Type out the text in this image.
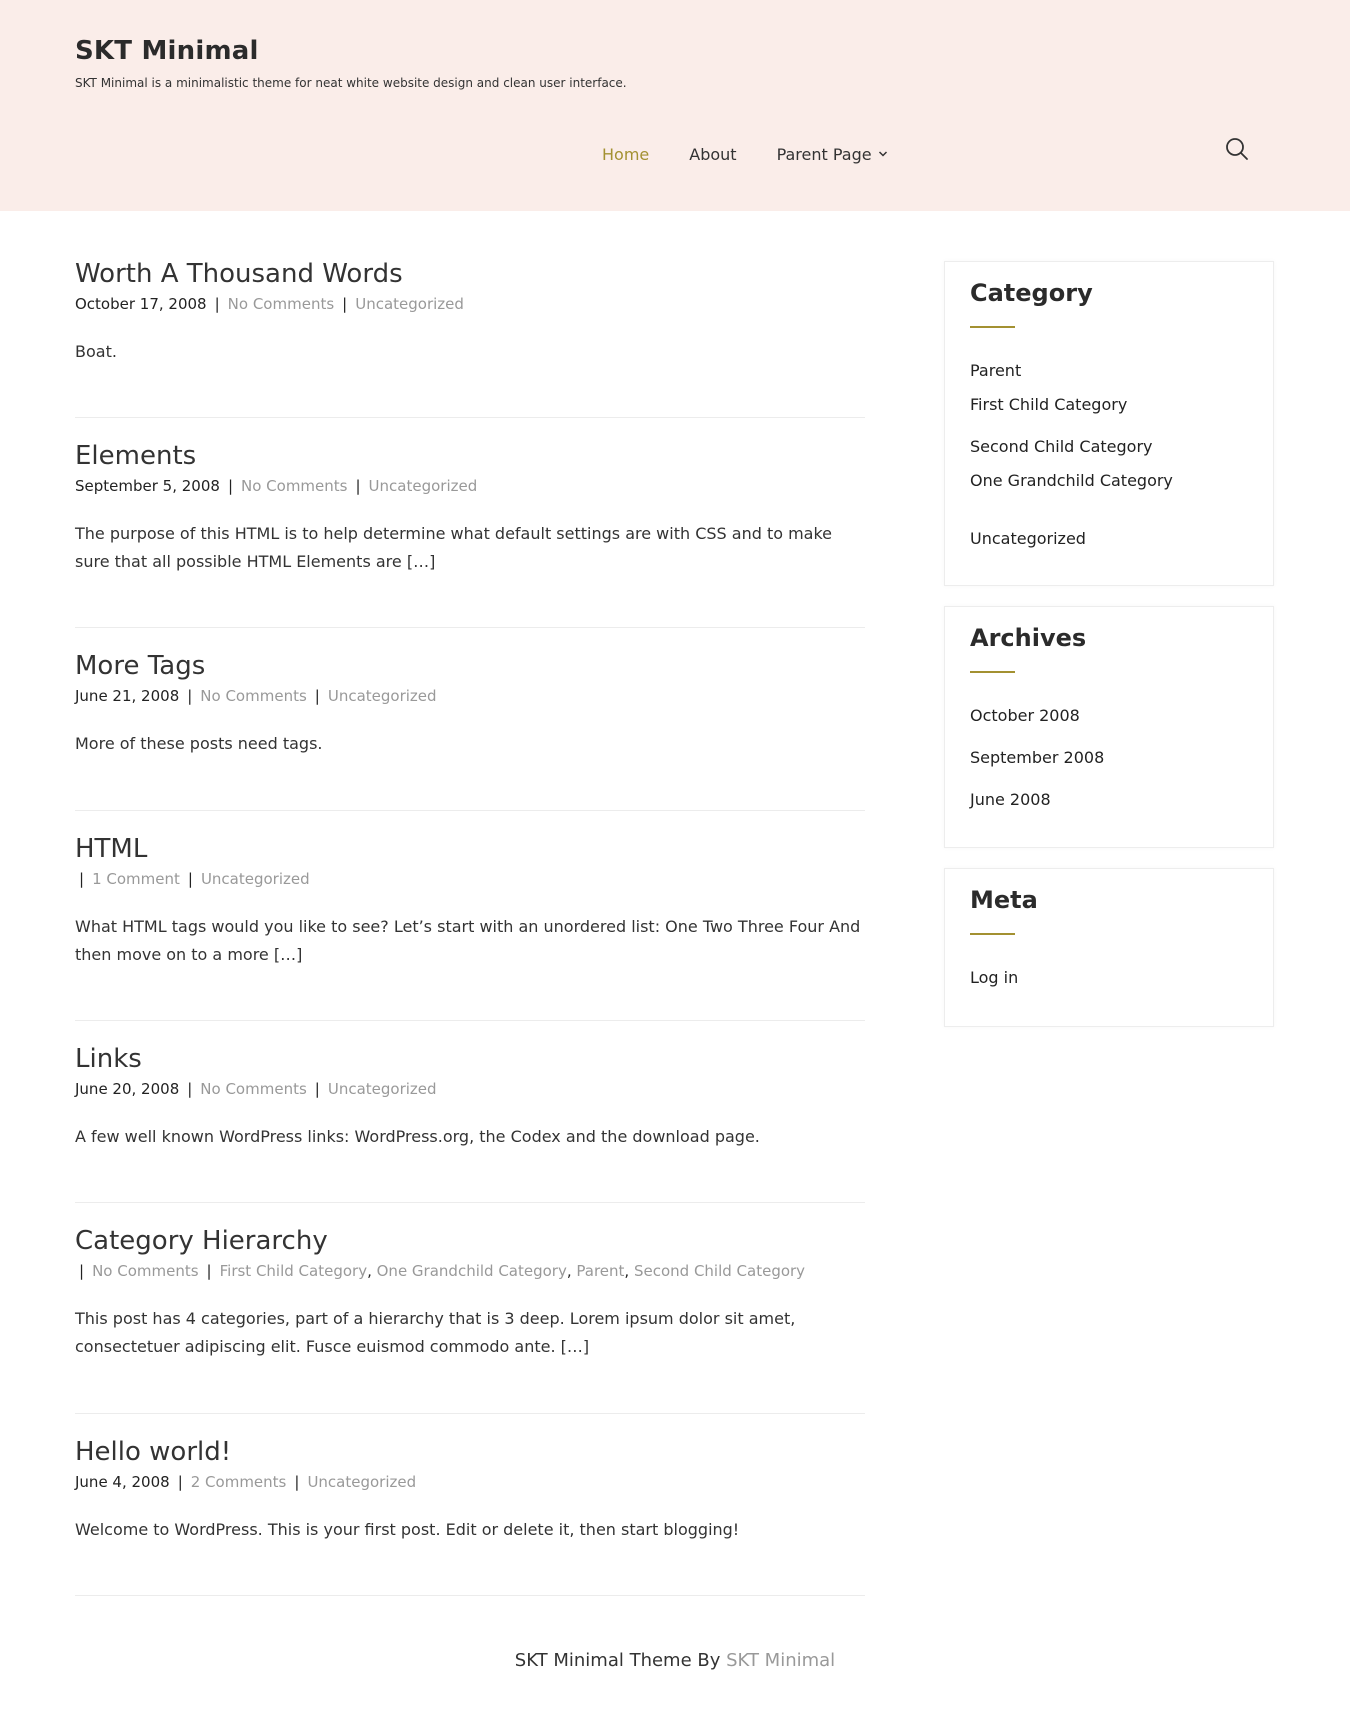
SKT Minimal
SKT Minimal is a minimalistic theme for neat white website design and clean user interface.
Home	About	Parent Page
Worth A Thousand Words
October 17, 2008 | No Comments | Uncategorized
Boat.
Elements
September 5, 2008 | No Comments | Uncategorized
The purpose of this HTML is to help determine what default settings are with CSS and to make sure that all possible HTML Elements are […]
More Tags
June 21, 2008 | No Comments | Uncategorized
More of these posts need tags.
HTML
| 1 Comment | Uncategorized
What HTML tags would you like to see? Let’s start with an unordered list: One Two Three Four And then move on to a more […]
Links
June 20, 2008 | No Comments | Uncategorized
A few well known WordPress links: WordPress.org, the Codex and the download page.
Category Hierarchy
| No Comments | First Child Category, One Grandchild Category, Parent, Second Child Category
This post has 4 categories, part of a hierarchy that is 3 deep. Lorem ipsum dolor sit amet, consectetuer adipiscing elit. Fusce euismod commodo ante. […]
Hello world!
June 4, 2008 | 2 Comments | Uncategorized
Welcome to WordPress. This is your first post. Edit or delete it, then start blogging!
Category
Parent
First Child Category
Second Child Category
One Grandchild Category
Uncategorized
Archives
October 2008
September 2008
June 2008
Meta
Log in
SKT Minimal Theme By SKT Minimal
